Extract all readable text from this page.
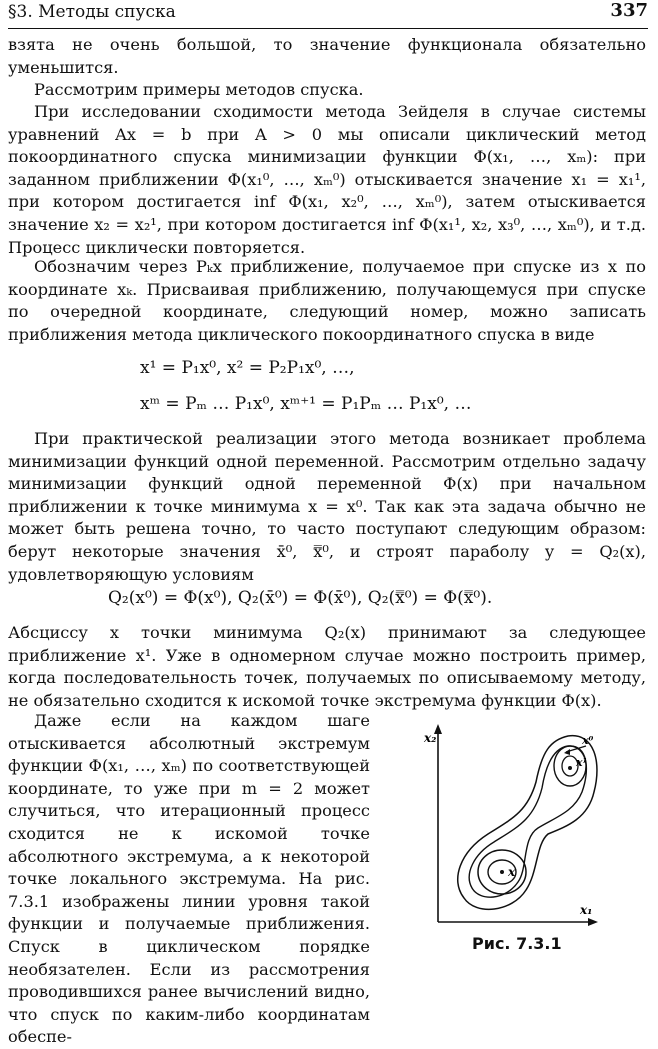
§3. Методы спуска	337
взята не очень большой, то значение функционала обязательно уменьшится.
Рассмотрим примеры методов спуска.
При исследовании сходимости метода Зейделя в случае системы уравнений Ax = b при A > 0 мы описали циклический метод покоординатного спуска минимизации функции Φ(x₁, …, xₘ): при заданном приближении Φ(x₁⁰, …, xₘ⁰) отыскивается значение x₁ = x₁¹, при котором достигается inf Φ(x₁, x₂⁰, …, xₘ⁰), затем отыскивается значение x₂ = x₂¹, при котором достигается inf Φ(x₁¹, x₂, x₃⁰, …, xₘ⁰), и т.д. Процесс циклически повторяется.
Обозначим через Pₖx приближение, получаемое при спуске из x по координате xₖ. Присваивая приближению, получающемуся при спуске по очередной координате, следующий номер, можно записать приближения метода циклического покоординатного спуска в виде
x¹ = P₁x⁰, x² = P₂P₁x⁰, …,
xᵐ = Pₘ … P₁x⁰, xᵐ⁺¹ = P₁Pₘ … P₁x⁰, …
При практической реализации этого метода возникает проблема минимизации функций одной переменной. Рассмотрим отдельно задачу минимизации функций одной переменной Φ(x) при начальном приближении к точке минимума x = x⁰. Так как эта задача обычно не может быть решена точно, то часто поступают следующим образом: берут некоторые значения x̄⁰, x̿⁰, и строят параболу y = Q₂(x), удовлетворяющую условиям
Q₂(x⁰) = Φ(x⁰), Q₂(x̄⁰) = Φ(x̄⁰), Q₂(x̿⁰) = Φ(x̿⁰).
Абсциссу x точки минимума Q₂(x) принимают за следующее приближение x¹. Уже в одномерном случае можно построить пример, когда последовательность точек, получаемых по описываемому методу, не обязательно сходится к искомой точке экстремума функции Φ(x).
Даже если на каждом шаге отыскивается абсолютный экстремум функции Φ(x₁, …, xₘ) по соответствующей координате, то уже при m = 2 может случиться, что итерационный процесс сходится не к искомой точке абсолютного экстремума, а к некоторой точке локального экстремума. На рис. 7.3.1 изображены линии уровня такой функции и получаемые приближения. Спуск в циклическом порядке необязателен. Если из рассмотрения проводившихся ранее вычислений видно, что спуск по каким-либо координатам обеспе-
x₂
x₁
x⁰
x¹
x
Рис. 7.3.1
